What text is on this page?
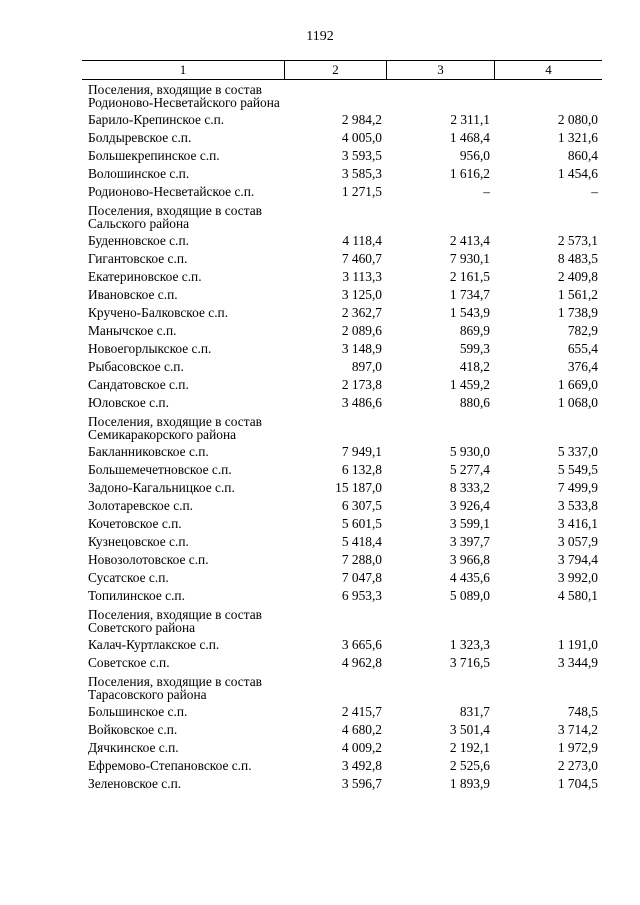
1192
1	2	3	4
Поселения, входящие в состав Родионово-Несветайского района
Бaрило-Крепинское с.п.	2 984,2	2 311,1	2 080,0
Болдыревское с.п.	4 005,0	1 468,4	1 321,6
Большекрепинское с.п.	3 593,5	956,0	860,4
Волошинское с.п.	3 585,3	1 616,2	1 454,6
Родионово-Несветайское с.п.	1 271,5	–	–
Поселения, входящие в состав Сальского района
Буденновское с.п.	4 118,4	2 413,4	2 573,1
Гигантовское с.п.	7 460,7	7 930,1	8 483,5
Екатериновское с.п.	3 113,3	2 161,5	2 409,8
Ивановское с.п.	3 125,0	1 734,7	1 561,2
Кручено-Балковское с.п.	2 362,7	1 543,9	1 738,9
Манычское с.п.	2 089,6	869,9	782,9
Новоегорлыкское с.п.	3 148,9	599,3	655,4
Рыбасовское с.п.	897,0	418,2	376,4
Сандатовское с.п.	2 173,8	1 459,2	1 669,0
Юловское с.п.	3 486,6	880,6	1 068,0
Поселения, входящие в состав Семикаракорского района
Бакланниковское с.п.	7 949,1	5 930,0	5 337,0
Большемечетновское с.п.	6 132,8	5 277,4	5 549,5
Задоно-Кагальницкое с.п.	15 187,0	8 333,2	7 499,9
Золотаревское с.п.	6 307,5	3 926,4	3 533,8
Кочетовское с.п.	5 601,5	3 599,1	3 416,1
Кузнецовское с.п.	5 418,4	3 397,7	3 057,9
Новозолотовское с.п.	7 288,0	3 966,8	3 794,4
Сусатское с.п.	7 047,8	4 435,6	3 992,0
Топилинское с.п.	6 953,3	5 089,0	4 580,1
Поселения, входящие в состав Советского района
Калач-Куртлакское с.п.	3 665,6	1 323,3	1 191,0
Советское с.п.	4 962,8	3 716,5	3 344,9
Поселения, входящие в состав Тарасовского района
Большинское с.п.	2 415,7	831,7	748,5
Войковское с.п.	4 680,2	3 501,4	3 714,2
Дячкинское с.п.	4 009,2	2 192,1	1 972,9
Ефремово-Степановское с.п.	3 492,8	2 525,6	2 273,0
Зеленовское с.п.	3 596,7	1 893,9	1 704,5
